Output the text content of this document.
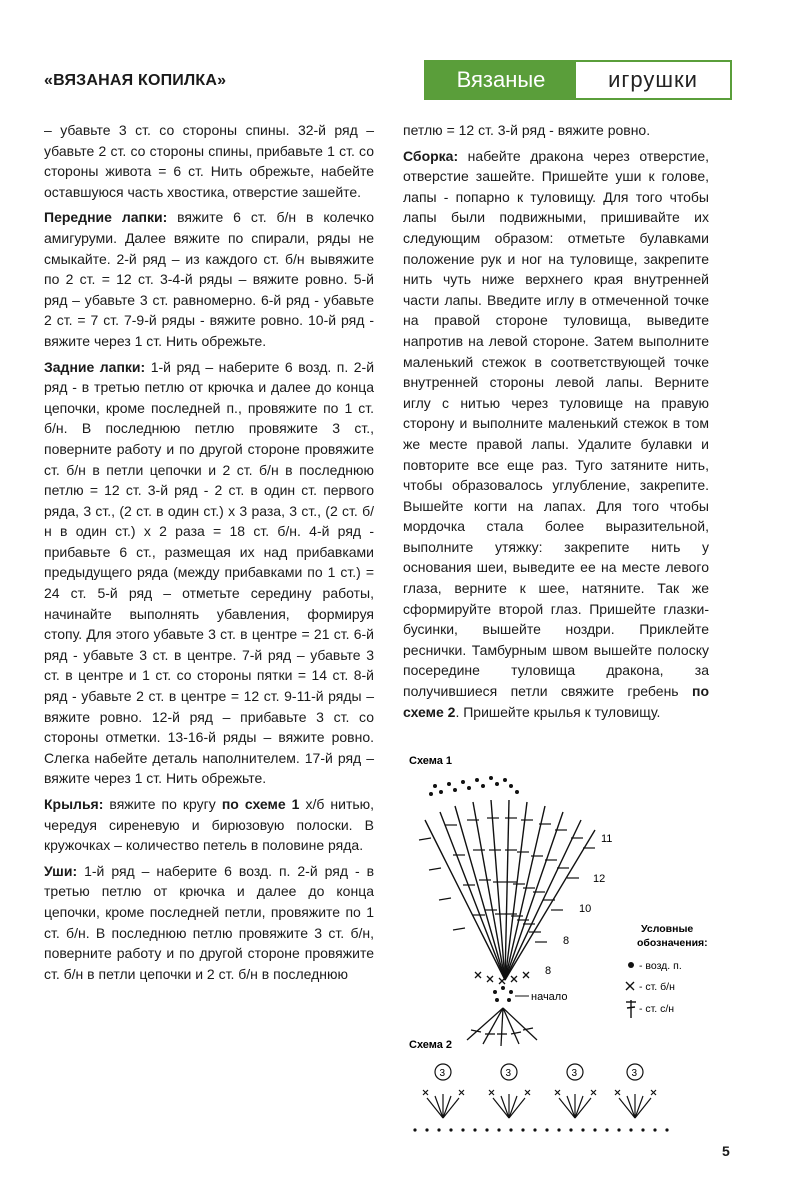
«ВЯЗАНАЯ КОПИЛКА»	Вязаные	игрушки

– убавьте 3 ст. со стороны спины. 32-й ряд – убавьте 2 ст. со стороны спины, прибавьте 1 ст. со стороны живота = 6 ст. Нить обрежьте, набейте оставшуюся часть хвостика, отверстие зашейте.

Передние лапки: вяжите 6 ст. б/н в колечко амигуруми. Далее вяжите по спирали, ряды не смыкайте. 2-й ряд – из каждого ст. б/н вывяжите по 2 ст. = 12 ст. 3-4-й ряды – вяжите ровно. 5-й ряд – убавьте 3 ст. равномерно. 6-й ряд - убавьте 2 ст. = 7 ст. 7-9-й ряды - вяжите ровно. 10-й ряд - вяжите через 1 ст. Нить обрежьте.

Задние лапки: 1-й ряд – наберите 6 возд. п. 2-й ряд - в третью петлю от крючка и далее до конца цепочки, кроме последней п., провяжите по 1 ст. б/н. В последнюю петлю провяжите 3 ст., поверните работу и по другой стороне провяжите ст. б/н в петли цепочки и 2 ст. б/н в последнюю петлю = 12 ст. 3-й ряд - 2 ст. в один ст. первого ряда, 3 ст., (2 ст. в один ст.) х 3 раза, 3 ст., (2 ст. б/н в один ст.) х 2 раза = 18 ст. б/н. 4-й ряд - прибавьте 6 ст., размещая их над прибавками предыдущего ряда (между прибавками по 1 ст.) = 24 ст. 5-й ряд – отметьте середину работы, начинайте выполнять убавления, формируя стопу. Для этого убавьте 3 ст. в центре = 21 ст. 6-й ряд - убавьте 3 ст. в центре. 7-й ряд – убавьте 3 ст. в центре и 1 ст. со стороны пятки = 14 ст. 8-й ряд - убавьте 2 ст. в центре = 12 ст. 9-11-й ряды – вяжите ровно. 12-й ряд – прибавьте 3 ст. со стороны отметки. 13-16-й ряды – вяжите ровно. Слегка набейте деталь наполнителем. 17-й ряд – вяжите через 1 ст. Нить обрежьте.

Крылья: вяжите по кругу по схеме 1 х/б нитью, чередуя сиреневую и бирюзовую полоски. В кружочках – количество петель в половине ряда.

Уши: 1-й ряд – наберите 6 возд. п. 2-й ряд - в третью петлю от крючка и далее до конца цепочки, кроме последней петли, провяжите по 1 ст. б/н. В последнюю петлю провяжите 3 ст. б/н, поверните работу и по другой стороне провяжите ст. б/н в петли цепочки и 2 ст. б/н в последнюю

петлю = 12 ст. 3-й ряд - вяжите ровно.

Сборка: набейте дракона через отверстие, отверстие зашейте. Пришейте уши к голове, лапы - попарно к туловищу. Для того чтобы лапы были подвижными, пришивайте их следующим образом: отметьте булавками положение рук и ног на туловище, закрепите нить чуть ниже верхнего края внутренней части лапы. Введите иглу в отмеченной точке на правой стороне туловища, выведите напротив на левой стороне. Затем выполните маленький стежок в соответствующей точке внутренней стороны левой лапы. Верните иглу с нитью через туловище на правую сторону и выполните маленький стежок в том же месте правой лапы. Удалите булавки и повторите все еще раз. Туго затяните нить, чтобы образовалось углубление, закрепите. Вышейте когти на лапах. Для того чтобы мордочка стала более выразительной, выполните утяжку: закрепите нить у основания шеи, выведите ее на месте левого глаза, верните к шее, натяните. Так же сформируйте второй глаз. Пришейте глазки-бусинки, вышейте ноздри. Приклейте реснички. Тамбурным швом вышейте полоску посередине туловища дракона, за получившиеся петли свяжите гребень по схеме 2. Пришейте крылья к туловищу.

Схема 1
11
12
10
8
8
начало
Условные
обозначения:
- возд. п.
- ст. б/н
- ст. с/н
Схема 2
3	3	3	3
5
